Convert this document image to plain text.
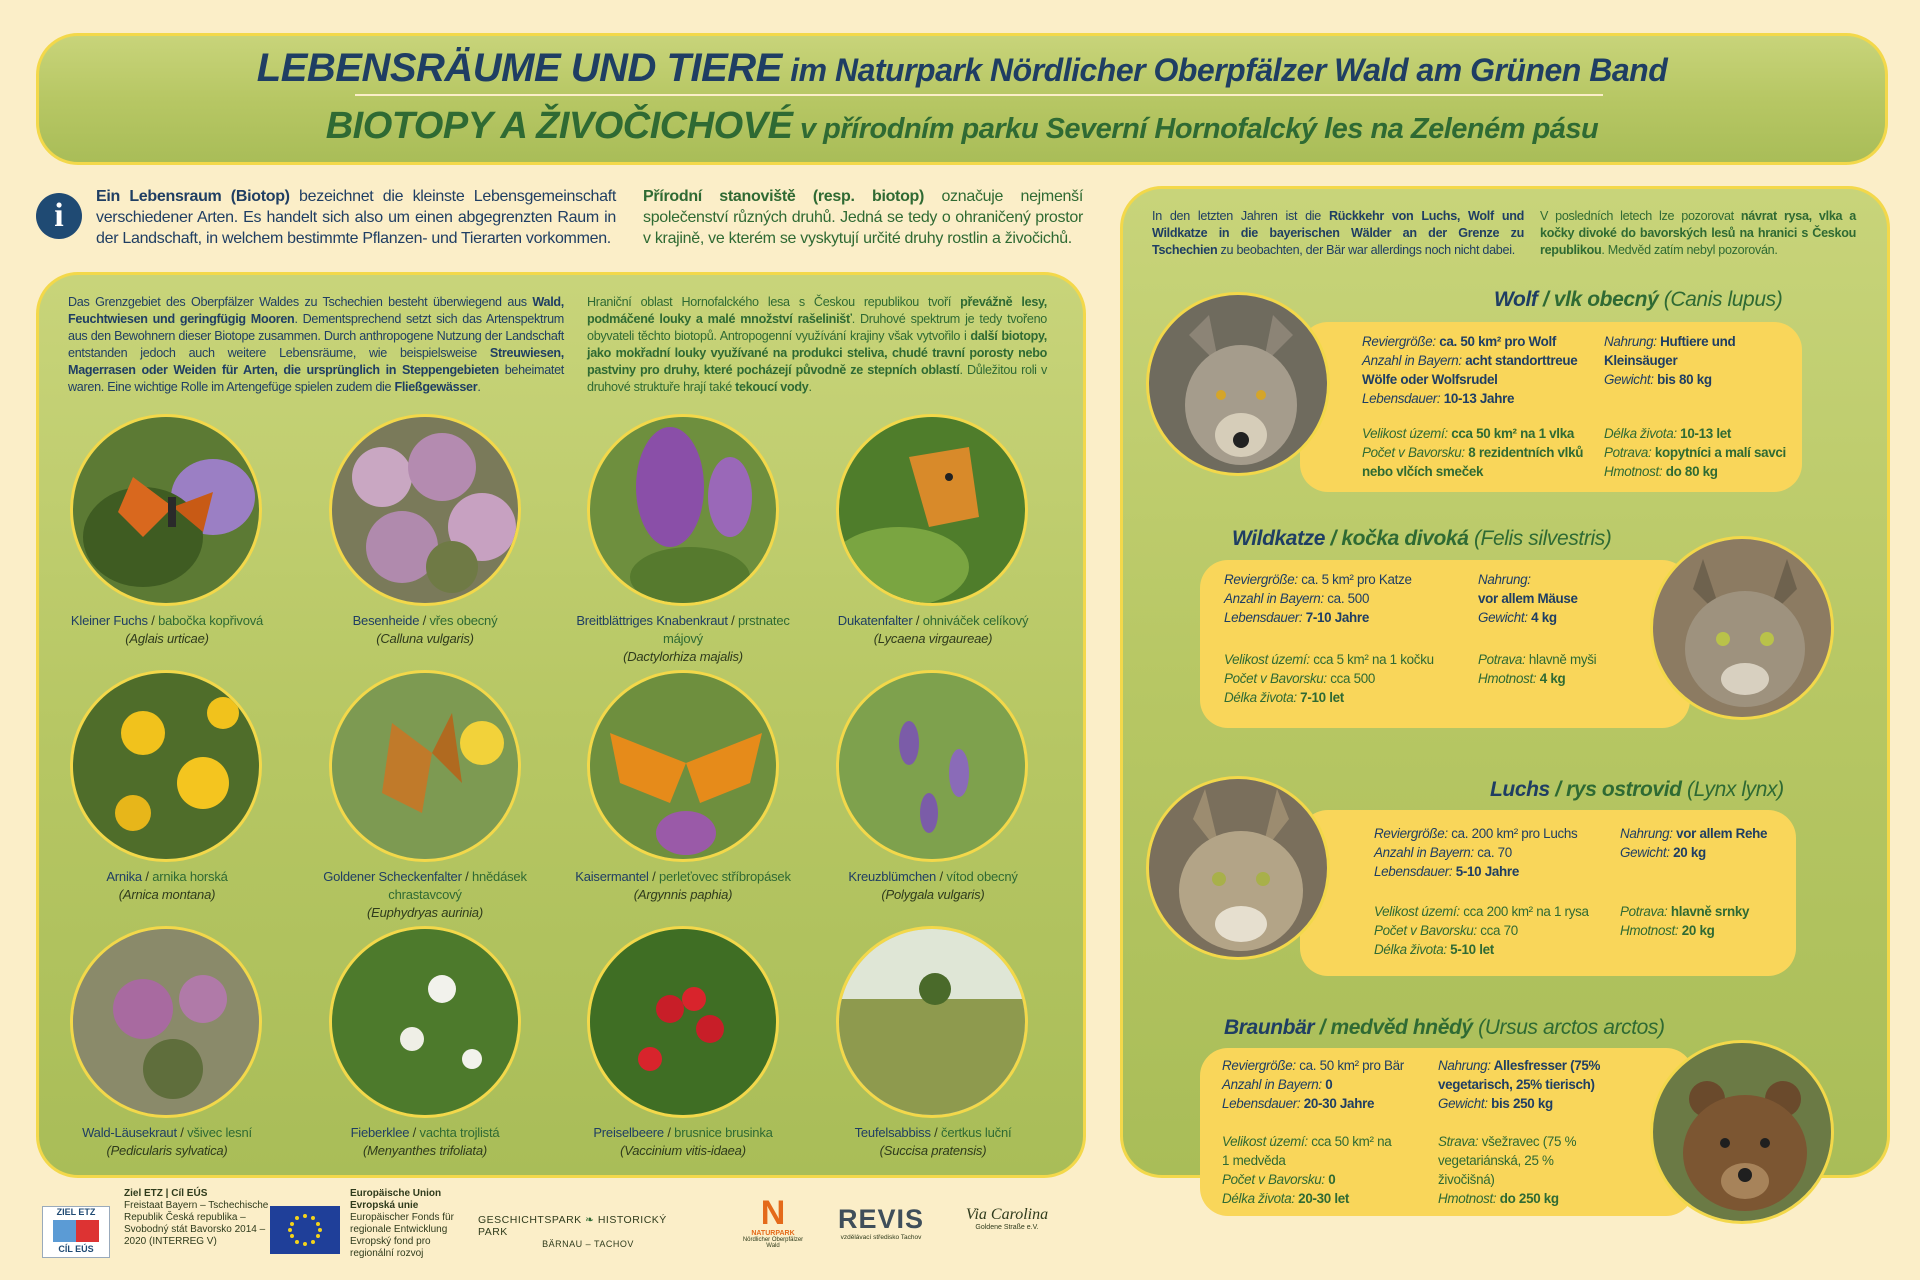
LEBENSRÄUME UND TIERE im Naturpark Nördlicher Oberpfälzer Wald am Grünen Band
BIOTOPY A ŽIVOČICHOVÉ v přírodním parku Severní Hornofalcký les na Zeleném pásu
i
Ein Lebensraum (Biotop) bezeichnet die kleinste Lebensgemeinschaft verschiedener Arten. Es handelt sich also um einen abgegrenzten Raum in der Landschaft, in welchem bestimmte Pflanzen- und Tierarten vorkommen.
Přírodní stanoviště (resp. biotop) označuje nejmenší společenství různých druhů. Jedná se tedy o ohraničený prostor v krajině, ve kterém se vyskytují určité druhy rostlin a živočichů.
Das Grenzgebiet des Oberpfälzer Waldes zu Tschechien besteht überwiegend aus Wald, Feuchtwiesen und geringfügig Mooren. Dementsprechend setzt sich das Artenspektrum aus den Bewohnern dieser Biotope zusammen. Durch anthropogene Nutzung der Landschaft entstanden jedoch auch weitere Lebensräume, wie beispielsweise Streuwiesen, Magerrasen oder Weiden für Arten, die ursprünglich in Steppengebieten beheimatet waren. Eine wichtige Rolle im Artengefüge spielen zudem die Fließgewässer.
Hraniční oblast Hornofalckého lesa s Českou republikou tvoří převážně lesy, podmáčené louky a malé množství rašelinišť. Druhové spektrum je tedy tvořeno obyvateli těchto biotopů. Antropogenní využívání krajiny však vytvořilo i další biotopy, jako mokřadní louky využívané na produkci steliva, chudé travní porosty nebo pastviny pro druhy, které pocházejí původně ze stepních oblastí. Důležitou roli v druhové struktuře hrají také tekoucí vody.
Kleiner Fuchs / babočka kopřivová
(Aglais urticae)
Besenheide / vřes obecný
(Calluna vulgaris)
Breitblättriges Knabenkraut / prstnatec májový
(Dactylorhiza majalis)
Dukatenfalter / ohniváček celíkový
(Lycaena virgaureae)
Arnika / arnika horská
(Arnica montana)
Goldener Scheckenfalter / hnědásek chrastavcový
(Euphydryas aurinia)
Kaisermantel / perleťovec stříbropásek
(Argynnis paphia)
Kreuzblümchen / vítod obecný
(Polygala vulgaris)
Wald-Läusekraut / všivec lesní
(Pedicularis sylvatica)
Fieberklee / vachta trojlistá
(Menyanthes trifoliata)
Preiselbeere / brusnice brusinka
(Vaccinium vitis-idaea)
Teufelsabbiss / čertkus luční
(Succisa pratensis)
In den letzten Jahren ist die Rückkehr von Luchs, Wolf und Wildkatze in die bayerischen Wälder an der Grenze zu Tschechien zu beobachten, der Bär war allerdings noch nicht dabei.
V posledních letech lze pozorovat návrat rysa, vlka a kočky divoké do bavorských lesů na hranici s Českou republikou. Medvěd zatím nebyl pozorován.
Wolf / vlk obecný (Canis lupus)
Reviergröße: ca. 50 km² pro Wolf
Anzahl in Bayern: acht standorttreue Wölfe oder Wolfsrudel
Lebensdauer: 10-13 Jahre
Nahrung: Huftiere und Kleinsäuger
Gewicht: bis 80 kg
Velikost území: cca 50 km² na 1 vlka
Počet v Bavorsku: 8 rezidentních vlků nebo vlčích smeček
Délka života: 10-13 let
Potrava: kopytníci a malí savci
Hmotnost: do 80 kg
Wildkatze / kočka divoká (Felis silvestris)
Reviergröße: ca. 5 km² pro Katze
Anzahl in Bayern: ca. 500
Lebensdauer: 7-10 Jahre
Nahrung:
vor allem Mäuse
Gewicht: 4 kg
Velikost území: cca 5 km² na 1 kočku
Počet v Bavorsku: cca 500
Délka života: 7-10 let
Potrava: hlavně myši
Hmotnost: 4 kg
Luchs / rys ostrovid (Lynx lynx)
Reviergröße: ca. 200 km² pro Luchs
Anzahl in Bayern: ca. 70
Lebensdauer: 5-10 Jahre
Nahrung: vor allem Rehe
Gewicht: 20 kg
Velikost území: cca 200 km² na 1 rysa
Počet v Bavorsku: cca 70
Délka života: 5-10 let
Potrava: hlavně srnky
Hmotnost: 20 kg
Braunbär / medvěd hnědý (Ursus arctos arctos)
Reviergröße: ca. 50 km² pro Bär
Anzahl in Bayern: 0
Lebensdauer: 20-30 Jahre
Nahrung: Allesfresser (75% vegetarisch, 25% tierisch)
Gewicht: bis 250 kg
Velikost území: cca 50 km² na 1 medvěda
Počet v Bavorsku: 0
Délka života: 20-30 let
Strava: všežravec (75 % vegetariánská, 25 % živočišná)
Hmotnost: do 250 kg
ZIEL ETZ
CÍL EÚS
Ziel ETZ | Cíl EÚS
Freistaat Bayern – Tschechische Republik Česká republika – Svobodný stát Bavorsko 2014 – 2020 (INTERREG V)
Europäische Union Evropská unie
Europäischer Fonds für regionale Entwicklung Evropský fond pro regionální rozvoj
GESCHICHTSPARK ❧ HISTORICKÝ PARK

BÄRNAU – TACHOV
N
NATURPARK
Nördlicher Oberpfälzer Wald
REVIS
vzdělávací středisko Tachov
Via Carolina
Goldene Straße e.V.
